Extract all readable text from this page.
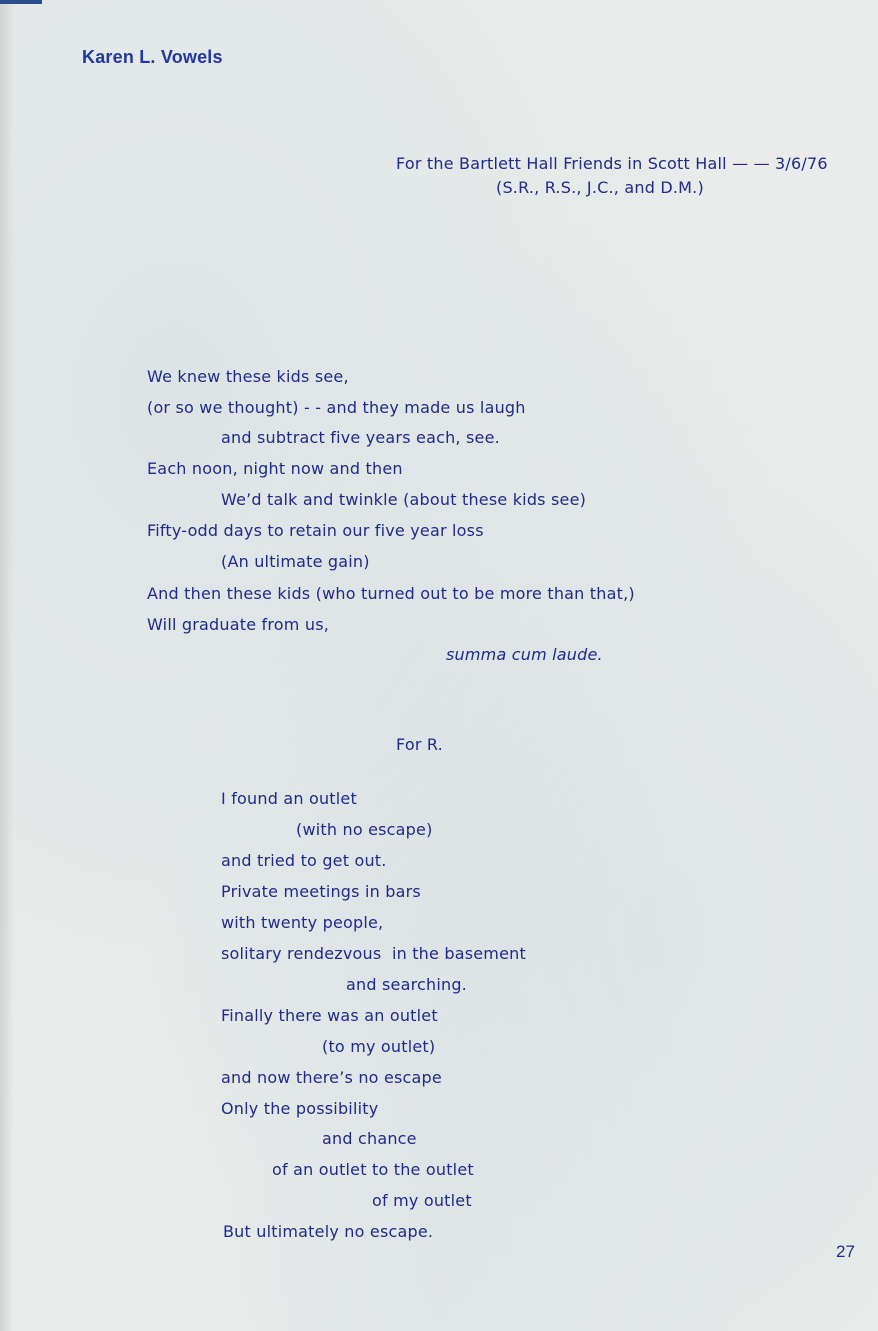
Karen L. Vowels
For the Bartlett Hall Friends in Scott Hall — — 3/6/76
(S.R., R.S., J.C., and D.M.)
We knew these kids see,
(or so we thought) - - and they made us laugh
and subtract five years each, see.
Each noon, night now and then
We’d talk and twinkle (about these kids see)
Fifty-odd days to retain our five year loss
(An ultimate gain)
And then these kids (who turned out to be more than that,)
Will graduate from us,
summa cum laude.
For R.
I found an outlet
(with no escape)
and tried to get out.
Private meetings in bars
with twenty people,
solitary rendezvous  in the basement
and searching.
Finally there was an outlet
(to my outlet)
and now there’s no escape
Only the possibility
and chance
of an outlet to the outlet
of my outlet
But ultimately no escape.
27
